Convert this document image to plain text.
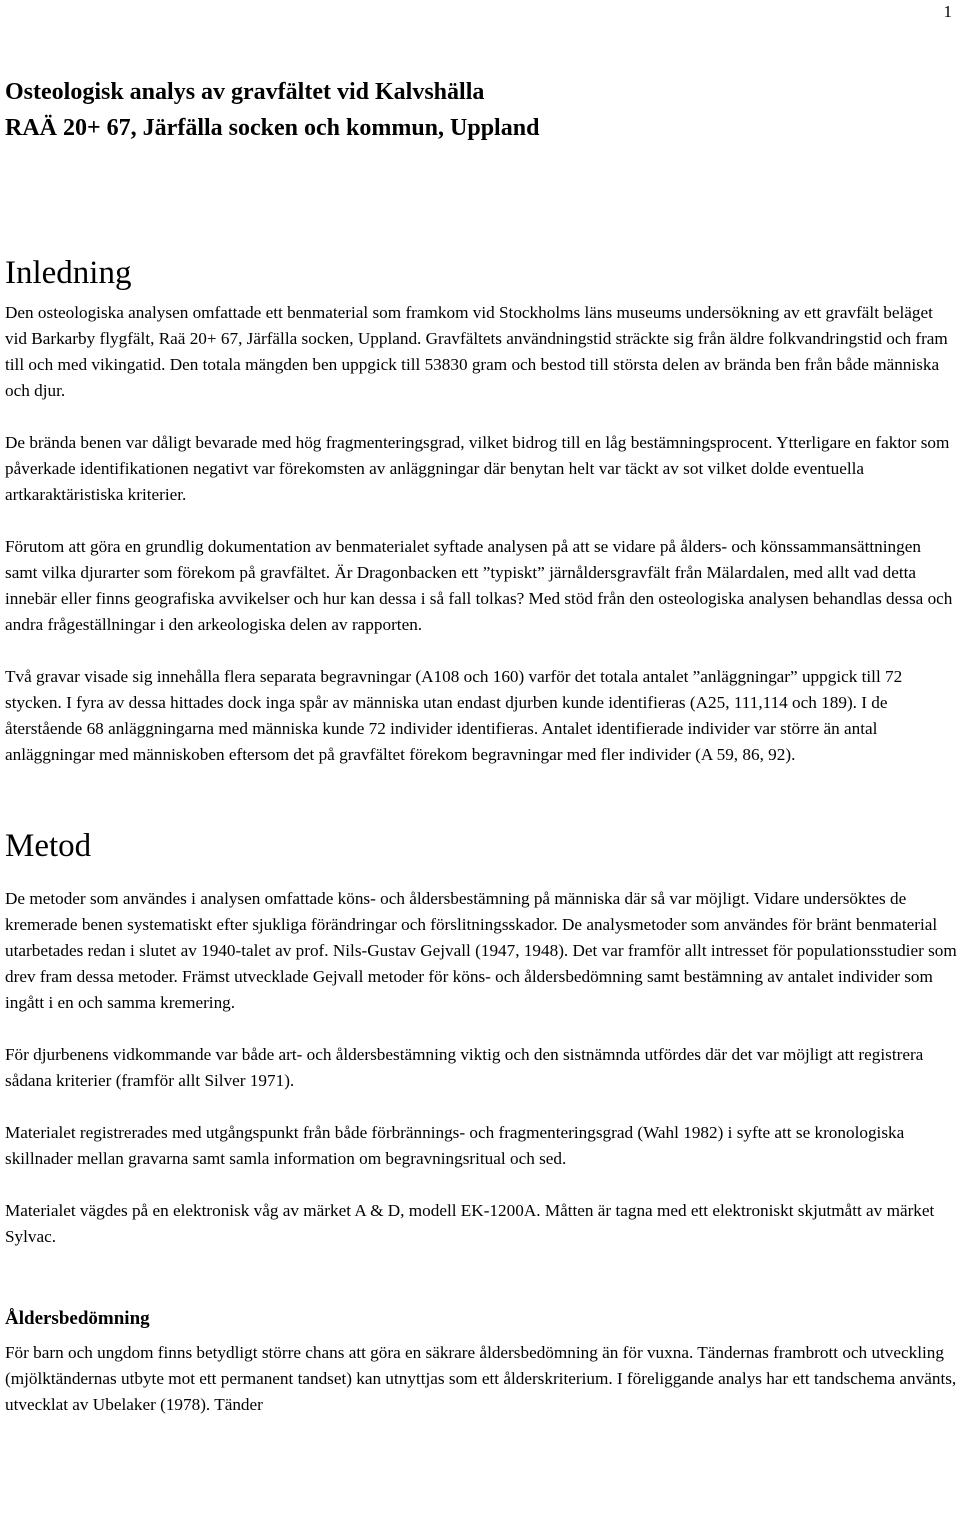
1
Osteologisk analys av gravfältet vid Kalvshälla
RAÄ 20+ 67, Järfälla socken och kommun, Uppland
Inledning

Den osteologiska analysen omfattade ett benmaterial som framkom vid Stockholms läns museums undersökning av ett gravfält beläget vid Barkarby flygfält, Raä 20+ 67, Järfälla socken, Uppland. Gravfältets användningstid sträckte sig från äldre folkvandringstid och fram till och med vikingatid. Den totala mängden ben uppgick till 53830 gram och bestod till största delen av brända ben från både människa och djur.

De brända benen var dåligt bevarade med hög fragmenteringsgrad, vilket bidrog till en låg bestämningsprocent. Ytterligare en faktor som påverkade identifikationen negativt var förekomsten av anläggningar där benytan helt var täckt av sot vilket dolde eventuella artkaraktäristiska kriterier.

Förutom att göra en grundlig dokumentation av benmaterialet syftade analysen på att se vidare på ålders- och könssammansättningen samt vilka djurarter som förekom på gravfältet. Är Dragonbacken ett ”typiskt” järnåldersgravfält från Mälardalen, med allt vad detta innebär eller finns geografiska avvikelser och hur kan dessa i så fall tolkas? Med stöd från den osteologiska analysen behandlas dessa och andra frågeställningar i den arkeologiska delen av rapporten.

Två gravar visade sig innehålla flera separata begravningar (A108 och 160) varför det totala antalet ”anläggningar” uppgick till 72 stycken. I fyra av dessa hittades dock inga spår av människa utan endast djurben kunde identifieras (A25, 111,114 och 189). I de återstående 68 anläggningarna med människa kunde 72 individer identifieras. Antalet identifierade individer var större än antal anläggningar med människoben eftersom det på gravfältet förekom begravningar med fler individer (A 59, 86, 92).

Metod

De metoder som användes i analysen omfattade köns- och åldersbestämning på människa där så var möjligt. Vidare undersöktes de kremerade benen systematiskt efter sjukliga förändringar och förslitningsskador. De analysmetoder som användes för bränt benmaterial utarbetades redan i slutet av 1940-talet av prof. Nils-Gustav Gejvall (1947, 1948). Det var framför allt intresset för populationsstudier som drev fram dessa metoder. Främst utvecklade Gejvall metoder för köns- och åldersbedömning samt bestämning av antalet individer som ingått i en och samma kremering.

För djurbenens vidkommande var både art- och åldersbestämning viktig och den sistnämnda utfördes där det var möjligt att registrera sådana kriterier (framför allt Silver 1971).

Materialet registrerades med utgångspunkt från både förbrännings- och fragmenteringsgrad (Wahl 1982) i syfte att se kronologiska skillnader mellan gravarna samt samla information om begravningsritual och sed.

Materialet vägdes på en elektronisk våg av märket A & D, modell EK-1200A. Måtten är tagna med ett elektroniskt skjutmått av märket Sylvac.

Åldersbedömning

För barn och ungdom finns betydligt större chans att göra en säkrare åldersbedömning än för vuxna. Tändernas frambrott och utveckling (mjölktändernas utbyte mot ett permanent tandset) kan utnyttjas som ett ålderskriterium. I föreliggande analys har ett tandschema använts, utvecklat av Ubelaker (1978). Tänder
